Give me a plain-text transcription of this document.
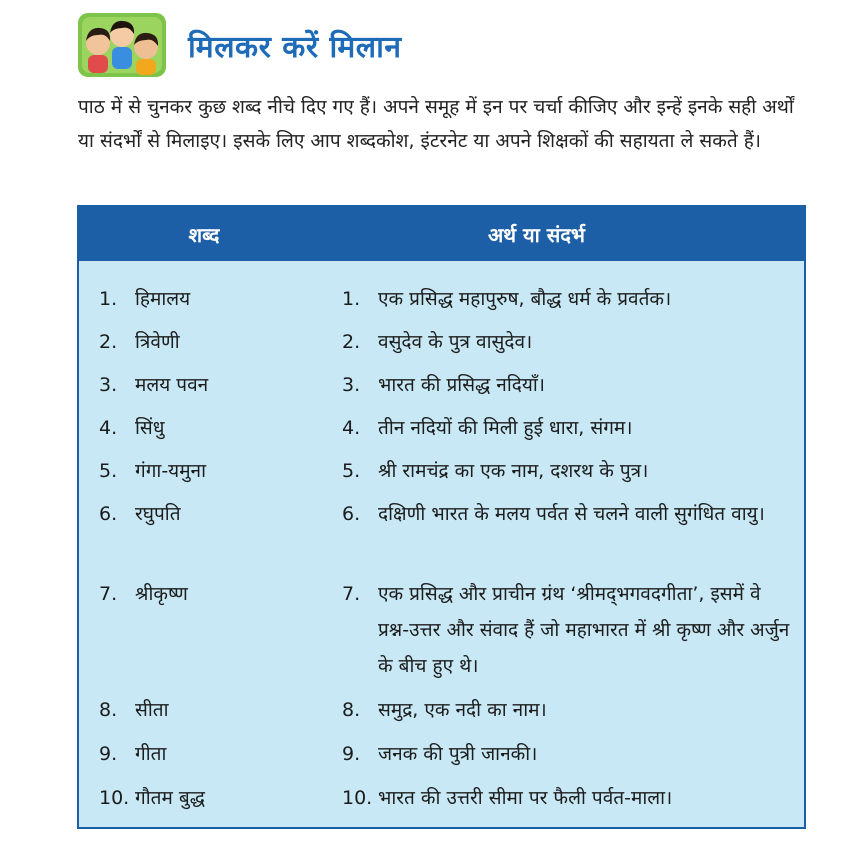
मिलकर करें मिलान
पाठ में से चुनकर कुछ शब्द नीचे दिए गए हैं। अपने समूह में इन पर चर्चा कीजिए और इन्हें इनके सही अर्थों या संदर्भों से मिलाइए। इसके लिए आप शब्दकोश, इंटरनेट या अपने शिक्षकों की सहायता ले सकते हैं।
शब्द	अर्थ या संदर्भ
1. हिमालय	1. एक प्रसिद्ध महापुरुष, बौद्ध धर्म के प्रवर्तक।
2. त्रिवेणी	2. वसुदेव के पुत्र वासुदेव।
3. मलय पवन	3. भारत की प्रसिद्ध नदियाँ।
4. सिंधु	4. तीन नदियों की मिली हुई धारा, संगम।
5. गंगा-यमुना	5. श्री रामचंद्र का एक नाम, दशरथ के पुत्र।
6. रघुपति	6. दक्षिणी भारत के मलय पर्वत से चलने वाली सुगंधित वायु।
7. श्रीकृष्ण	7. एक प्रसिद्ध और प्राचीन ग्रंथ ‘श्रीमद्‌भगवदगीता’, इसमें वे प्रश्न-उत्तर और संवाद हैं जो महाभारत में श्री कृष्ण और अर्जुन के बीच हुए थे।
8. सीता	8. समुद्र, एक नदी का नाम।
9. गीता	9. जनक की पुत्री जानकी।
10. गौतम बुद्ध	10. भारत की उत्तरी सीमा पर फैली पर्वत-माला।
